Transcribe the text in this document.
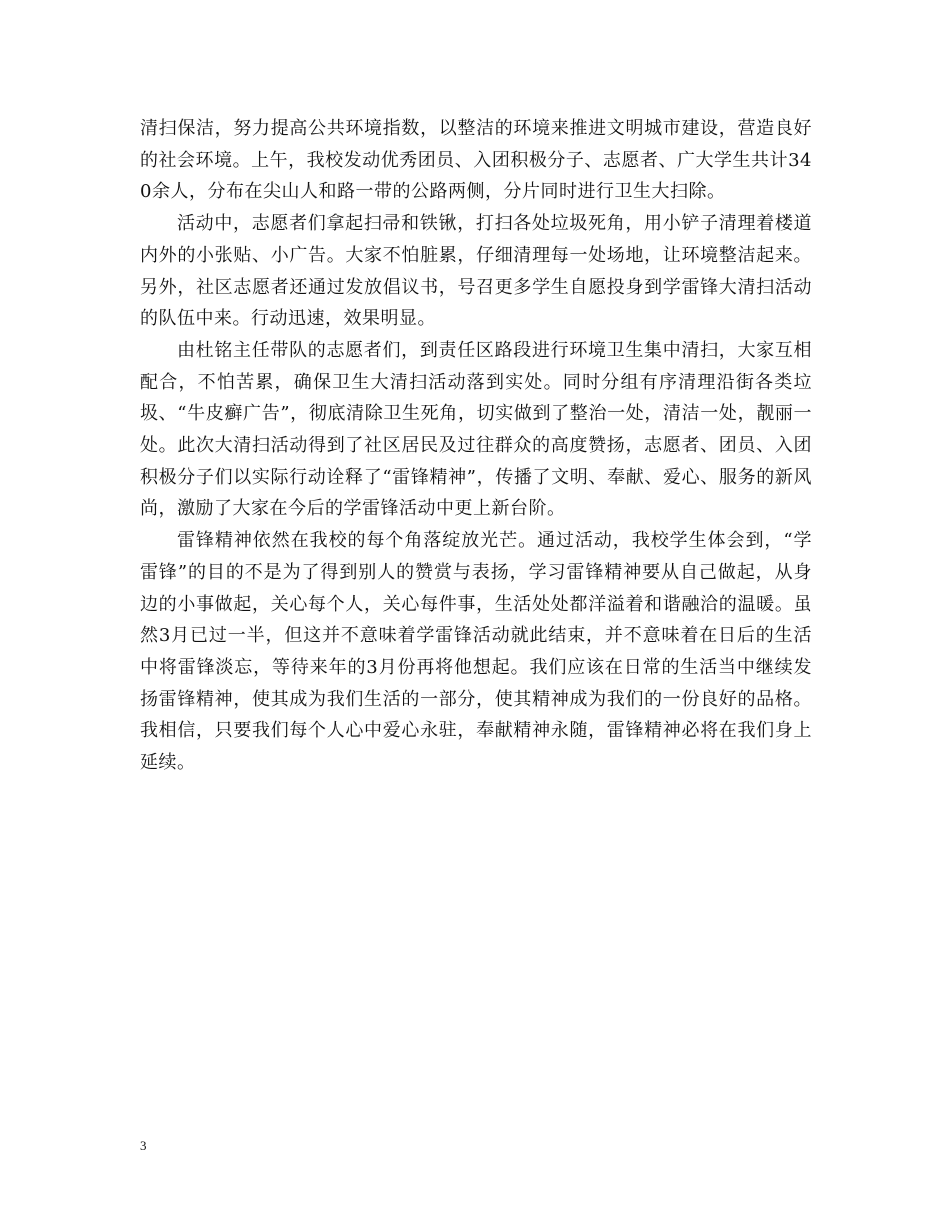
清扫保洁，努力提高公共环境指数，以整洁的环境来推进文明城市建设，营造良好的社会环境。上午，我校发动优秀团员、入团积极分子、志愿者、广大学生共计340余人，分布在尖山人和路一带的公路两侧，分片同时进行卫生大扫除。

活动中，志愿者们拿起扫帚和铁锹，打扫各处垃圾死角，用小铲子清理着楼道内外的小张贴、小广告。大家不怕脏累，仔细清理每一处场地，让环境整洁起来。另外，社区志愿者还通过发放倡议书，号召更多学生自愿投身到学雷锋大清扫活动的队伍中来。行动迅速，效果明显。

由杜铭主任带队的志愿者们，到责任区路段进行环境卫生集中清扫，大家互相配合，不怕苦累，确保卫生大清扫活动落到实处。同时分组有序清理沿街各类垃圾、“牛皮癣广告”，彻底清除卫生死角，切实做到了整治一处，清洁一处，靓丽一处。此次大清扫活动得到了社区居民及过往群众的高度赞扬，志愿者、团员、入团积极分子们以实际行动诠释了“雷锋精神”，传播了文明、奉献、爱心、服务的新风尚，激励了大家在今后的学雷锋活动中更上新台阶。

雷锋精神依然在我校的每个角落绽放光芒。通过活动，我校学生体会到，“学雷锋”的目的不是为了得到别人的赞赏与表扬，学习雷锋精神要从自己做起，从身边的小事做起，关心每个人，关心每件事，生活处处都洋溢着和谐融洽的温暖。虽然3月已过一半，但这并不意味着学雷锋活动就此结束，并不意味着在日后的生活中将雷锋淡忘，等待来年的3月份再将他想起。我们应该在日常的生活当中继续发扬雷锋精神，使其成为我们生活的一部分，使其精神成为我们的一份良好的品格。我相信，只要我们每个人心中爱心永驻，奉献精神永随，雷锋精神必将在我们身上延续。

3
